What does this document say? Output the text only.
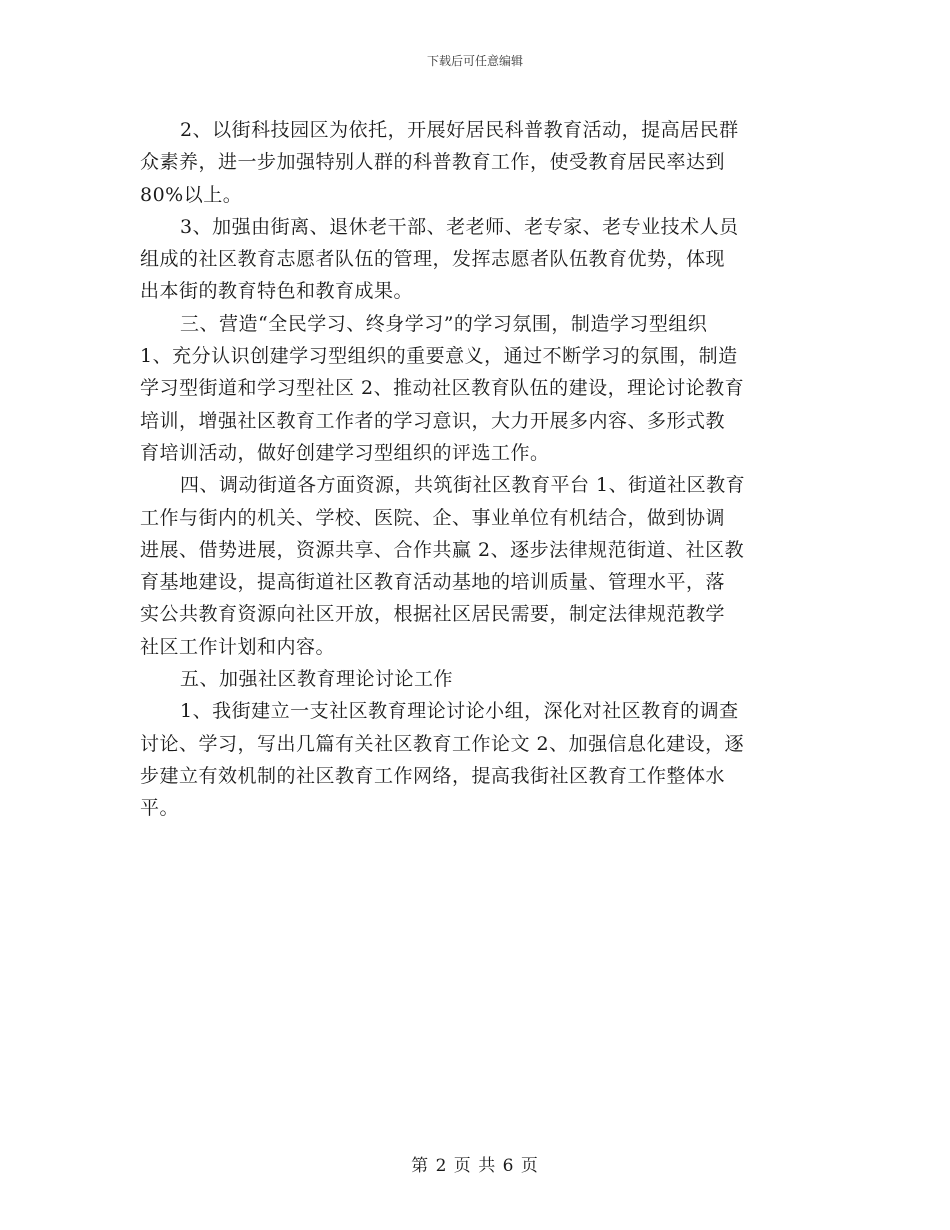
下载后可任意编辑
2、以街科技园区为依托，开展好居民科普教育活动，提高居民群
众素养，进一步加强特别人群的科普教育工作，使受教育居民率达到
80%以上。
3、加强由街离、退休老干部、老老师、老专家、老专业技术人员
组成的社区教育志愿者队伍的管理，发挥志愿者队伍教育优势，体现
出本街的教育特色和教育成果。
三、营造“全民学习、终身学习”的学习氛围，制造学习型组织
1、充分认识创建学习型组织的重要意义，通过不断学习的氛围，制造
学习型街道和学习型社区 2、推动社区教育队伍的建设，理论讨论教育
培训，增强社区教育工作者的学习意识，大力开展多内容、多形式教
育培训活动，做好创建学习型组织的评选工作。
四、调动街道各方面资源，共筑街社区教育平台 1、街道社区教育
工作与街内的机关、学校、医院、企、事业单位有机结合，做到协调
进展、借势进展，资源共享、合作共赢 2、逐步法律规范街道、社区教
育基地建设，提高街道社区教育活动基地的培训质量、管理水平，落
实公共教育资源向社区开放，根据社区居民需要，制定法律规范教学
社区工作计划和内容。
五、加强社区教育理论讨论工作
1、我街建立一支社区教育理论讨论小组，深化对社区教育的调查
讨论、学习，写出几篇有关社区教育工作论文 2、加强信息化建设，逐
步建立有效机制的社区教育工作网络，提高我街社区教育工作整体水
平。
第 2 页 共 6 页
